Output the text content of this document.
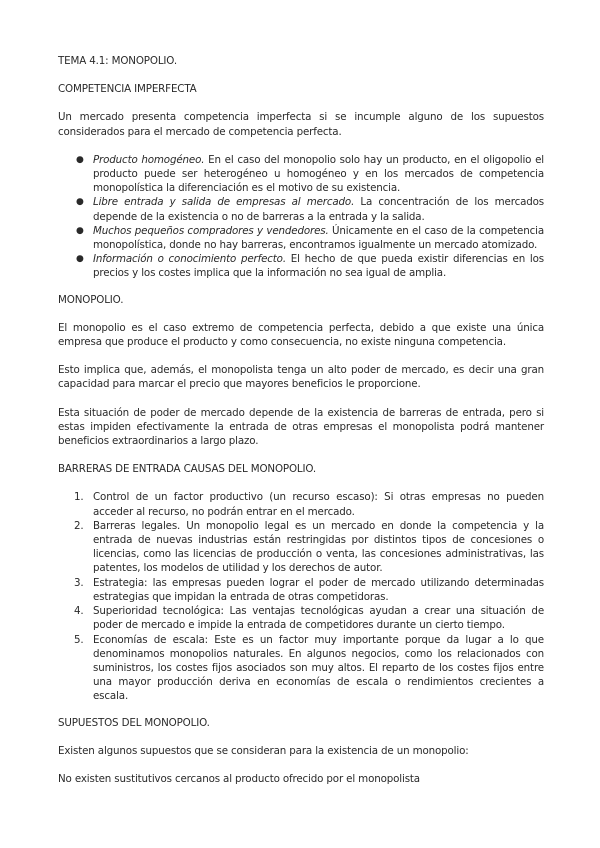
TEMA 4.1: MONOPOLIO.

COMPETENCIA IMPERFECTA

Un mercado presenta competencia imperfecta si se incumple alguno de los supuestos considerados para el mercado de competencia perfecta.

● Producto homogéneo. En el caso del monopolio solo hay un producto, en el oligopolio el producto puede ser heterogéneo u homogéneo y en los mercados de competencia monopolística la diferenciación es el motivo de su existencia.
● Libre entrada y salida de empresas al mercado. La concentración de los mercados depende de la existencia o no de barreras a la entrada y la salida.
● Muchos pequeños compradores y vendedores. Únicamente en el caso de la competencia monopolística, donde no hay barreras, encontramos igualmente un mercado atomizado.
● Información o conocimiento perfecto. El hecho de que pueda existir diferencias en los precios y los costes implica que la información no sea igual de amplia.

MONOPOLIO.

El monopolio es el caso extremo de competencia perfecta, debido a que existe una única empresa que produce el producto y como consecuencia, no existe ninguna competencia.

Esto implica que, además, el monopolista tenga un alto poder de mercado, es decir una gran capacidad para marcar el precio que mayores beneficios le proporcione.

Esta situación de poder de mercado depende de la existencia de barreras de entrada, pero si estas impiden efectivamente la entrada de otras empresas el monopolista podrá mantener beneficios extraordinarios a largo plazo.

BARRERAS DE ENTRADA CAUSAS DEL MONOPOLIO.

1. Control de un factor productivo (un recurso escaso): Si otras empresas no pueden acceder al recurso, no podrán entrar en el mercado.
2. Barreras legales. Un monopolio legal es un mercado en donde la competencia y la entrada de nuevas industrias están restringidas por distintos tipos de concesiones o licencias, como las licencias de producción o venta, las concesiones administrativas, las patentes, los modelos de utilidad y los derechos de autor.
3. Estrategia: las empresas pueden lograr el poder de mercado utilizando determinadas estrategias que impidan la entrada de otras competidoras.
4. Superioridad tecnológica: Las ventajas tecnológicas ayudan a crear una situación de poder de mercado e impide la entrada de competidores durante un cierto tiempo.
5. Economías de escala: Este es un factor muy importante porque da lugar a lo que denominamos monopolios naturales. En algunos negocios, como los relacionados con suministros, los costes fijos asociados son muy altos. El reparto de los costes fijos entre una mayor producción deriva en economías de escala o rendimientos crecientes a escala.

SUPUESTOS DEL MONOPOLIO.

Existen algunos supuestos que se consideran para la existencia de un monopolio:

No existen sustitutivos cercanos al producto ofrecido por el monopolista
